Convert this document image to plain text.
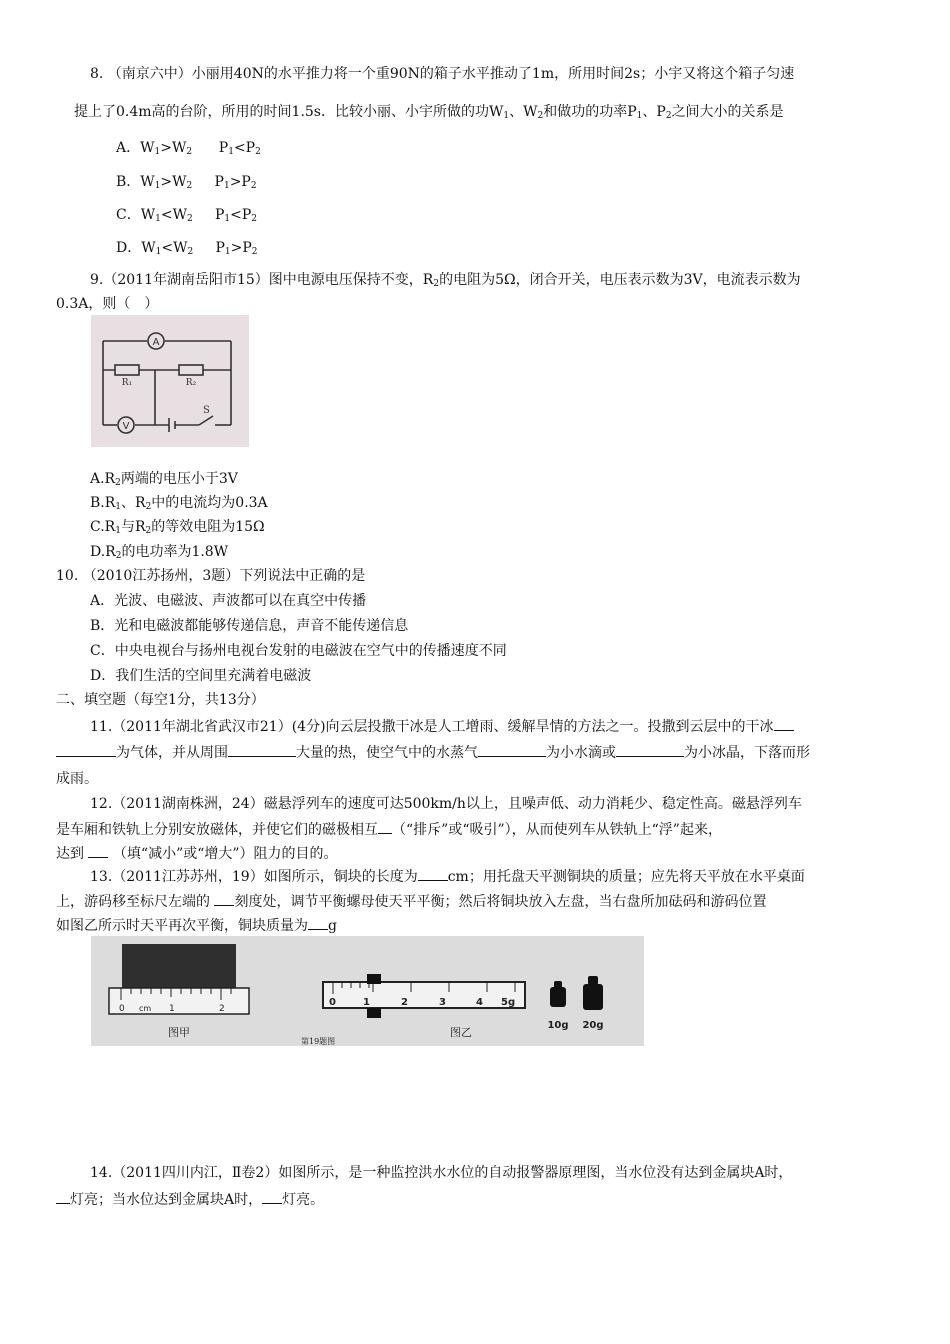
8. （南京六中）小丽用40N的水平推力将一个重90N的箱子水平推动了1m，所用时间2s；小宇又将这个箱子匀速
提上了0.4m高的台阶，所用的时间1.5s．比较小丽、小宇所做的功$W_1$、$W_2$和做功的功率$P_1$、$P_2$之间大小的关系是
A．$W_1>W_2$ $P_1<P_2$
B．$W_1>W_2$ $P_1>P_2$
C．$W_1<W_2$ $P_1<P_2$
D．$W_1<W_2$ $P_1>P_2$
9.（2011年湖南岳阳市15）图中电源电压保持不变，$R_2$的电阻为5Ω，闭合开关，电压表示数为3V，电流表示数为
0.3A，则（　）
A
R₁	R₂
V
S
$A.R_2$两端的电压小于3V
$B.R_1$、$R_2$中的电流均为0.3A
$C.R_1$与$R_2$的等效电阻为15Ω
$D.R_2$的电功率为1.8W
10. （2010江苏扬州，3题）下列说法中正确的是
A．光波、电磁波、声波都可以在真空中传播
B．光和电磁波都能够传递信息，声音不能传递信息
C．中央电视台与扬州电视台发射的电磁波在空气中的传播速度不同
D．我们生活的空间里充满着电磁波
二、填空题（每空1分，共13分）
11.（2011年湖北省武汉市21）(4分)向云层投撒干冰是人工增雨、缓解旱情的方法之一。投撒到云层中的干冰
为气体，并从周围	大量的热，使空气中的水蒸气	为小水滴或	为小冰晶，下落而形
成雨。
12.（2011湖南株洲，24）磁悬浮列车的速度可达500km/h以上，且噪声低、动力消耗少、稳定性高。磁悬浮列车
是车厢和铁轨上分别安放磁体，并使它们的磁极相互 （“排斥”或“吸引”），从而使列车从铁轨上“浮”起来，
达到 （填“减小”或“增大”）阻力的目的。
13.（2011江苏苏州，19）如图所示，铜块的长度为 cm；用托盘天平测铜块的质量；应先将天平放在水平桌面
上，游码移至标尺左端的 刻度处，调节平衡螺母使天平平衡；然后将铜块放入左盘，当右盘所加砝码和游码位置
如图乙所示时天平再次平衡，铜块质量为 g
0 cm 1	2
图甲
0	1	2	3	4 5g
图乙
第19题图
10g 20g
14.（2011四川内江，Ⅱ卷2）如图所示，是一种监控洪水水位的自动报警器原理图，当水位没有达到金属块A时，
灯亮；当水位达到金属块A时， 灯亮。
